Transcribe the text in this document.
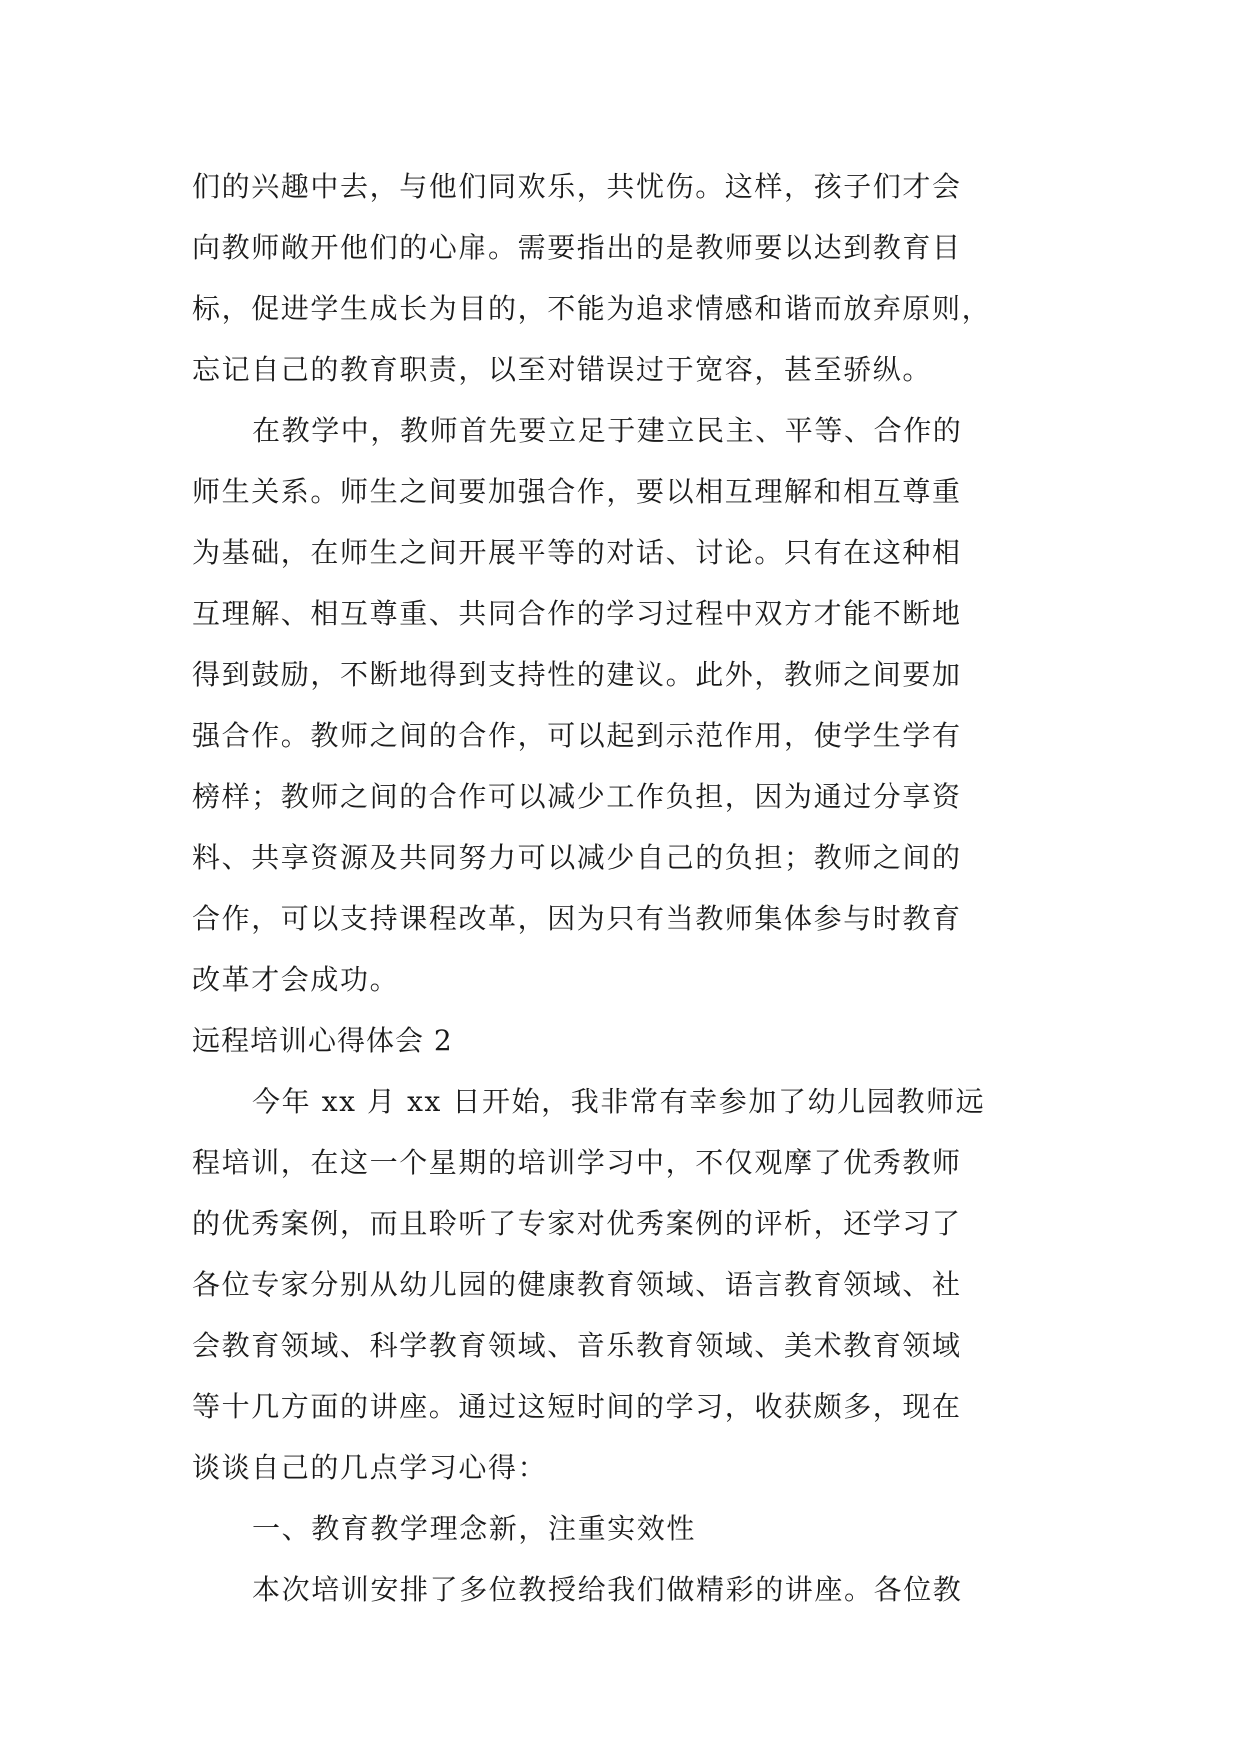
们的兴趣中去，与他们同欢乐，共忧伤。这样，孩子们才会
向教师敞开他们的心扉。需要指出的是教师要以达到教育目
标，促进学生成长为目的，不能为追求情感和谐而放弃原则，
忘记自己的教育职责，以至对错误过于宽容，甚至骄纵。
在教学中，教师首先要立足于建立民主、平等、合作的
师生关系。师生之间要加强合作，要以相互理解和相互尊重
为基础，在师生之间开展平等的对话、讨论。只有在这种相
互理解、相互尊重、共同合作的学习过程中双方才能不断地
得到鼓励，不断地得到支持性的建议。此外，教师之间要加
强合作。教师之间的合作，可以起到示范作用，使学生学有
榜样；教师之间的合作可以减少工作负担，因为通过分享资
料、共享资源及共同努力可以减少自己的负担；教师之间的
合作，可以支持课程改革，因为只有当教师集体参与时教育
改革才会成功。
远程培训心得体会 2
今年 xx 月 xx 日开始，我非常有幸参加了幼儿园教师远
程培训，在这一个星期的培训学习中，不仅观摩了优秀教师
的优秀案例，而且聆听了专家对优秀案例的评析，还学习了
各位专家分别从幼儿园的健康教育领域、语言教育领域、社
会教育领域、科学教育领域、音乐教育领域、美术教育领域
等十几方面的讲座。通过这短时间的学习，收获颇多，现在
谈谈自己的几点学习心得：
一、教育教学理念新，注重实效性
本次培训安排了多位教授给我们做精彩的讲座。各位教
